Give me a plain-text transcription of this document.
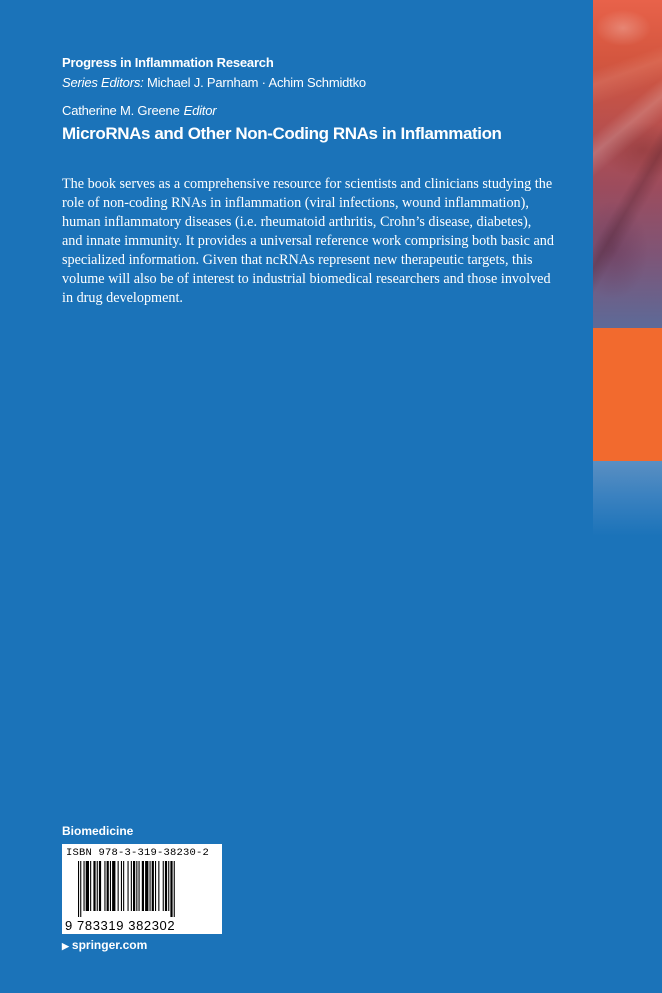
Progress in Inflammation Research
Series Editors: Michael J. Parnham · Achim Schmidtko
Catherine M. Greene Editor
MicroRNAs and Other Non-Coding RNAs in Inflammation

The book serves as a comprehensive resource for scientists and clinicians studying the
role of non-coding RNAs in inflammation (viral infections, wound inflammation),
human inflammatory diseases (i.e. rheumatoid arthritis, Crohn’s disease, diabetes),
and innate immunity. It provides a universal reference work comprising both basic and
specialized information. Given that ncRNAs represent new therapeutic targets, this
volume will also be of interest to industrial biomedical researchers and those involved
in drug development.

Biomedicine
ISBN 978-3-319-38230-2
9 783319 382302
▶ springer.com
